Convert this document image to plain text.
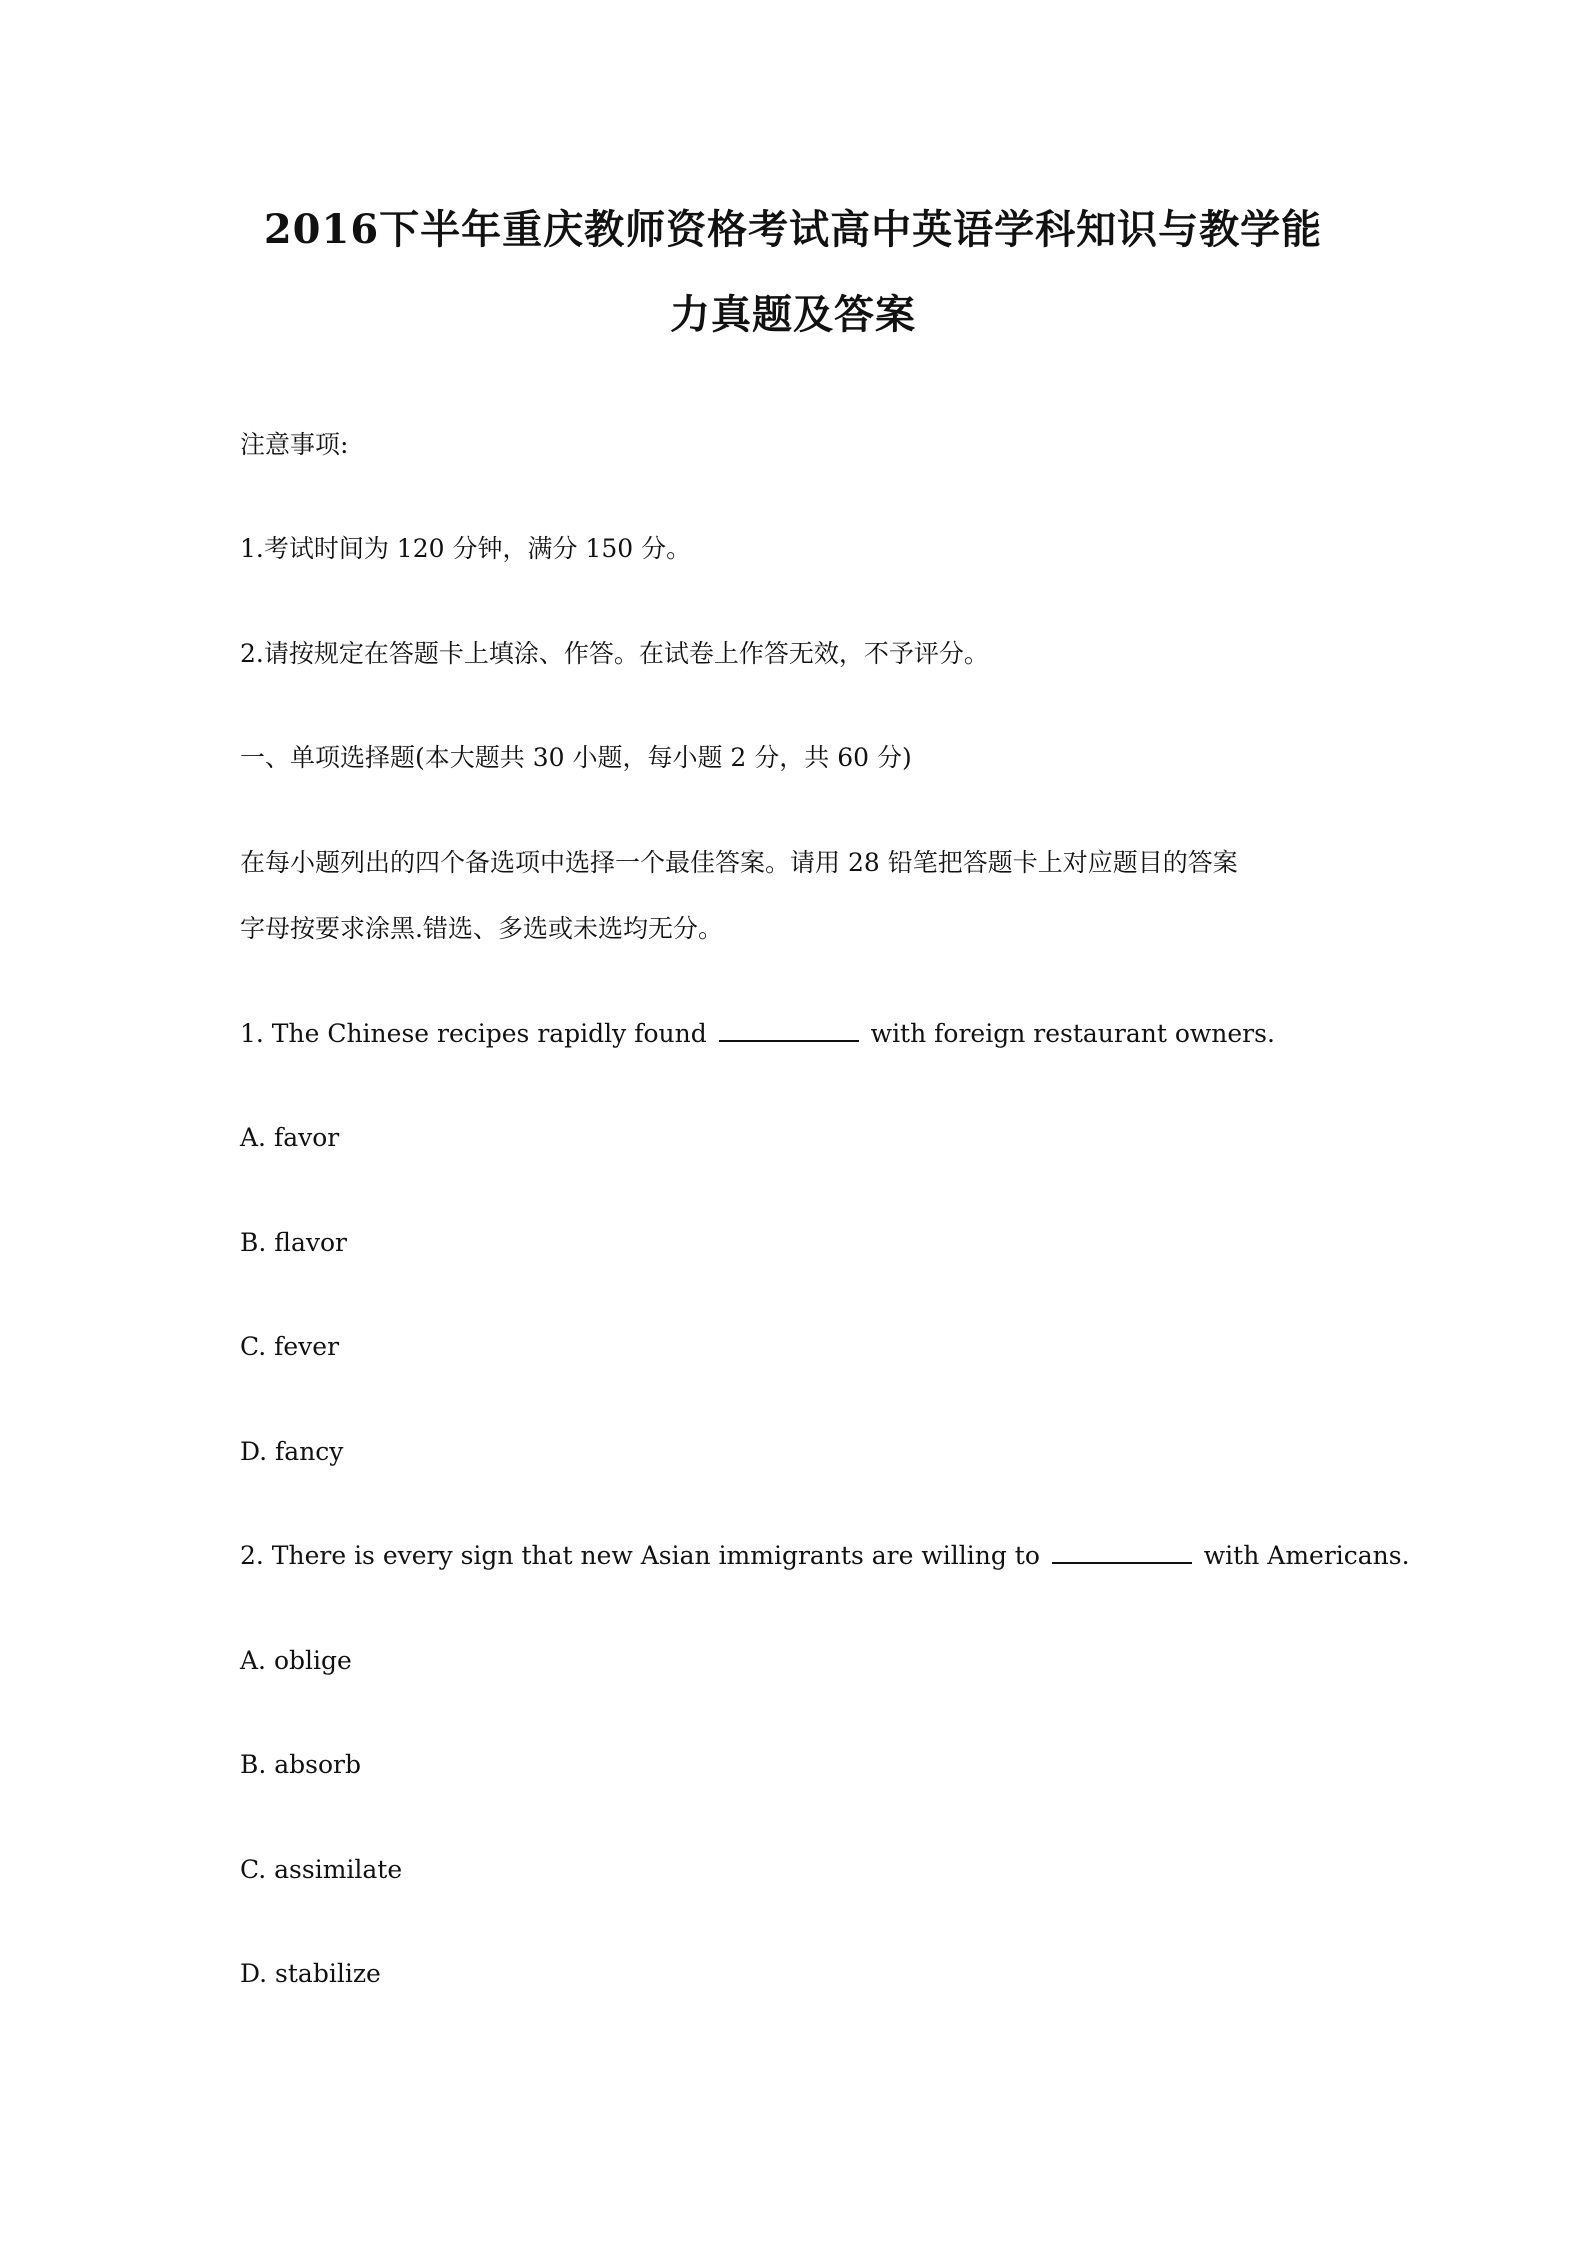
2016下半年重庆教师资格考试高中英语学科知识与教学能
力真题及答案
注意事项:
1.考试时间为 120 分钟，满分 150 分。
2.请按规定在答题卡上填涂、作答。在试卷上作答无效，不予评分。
一、单项选择题(本大题共 30 小题，每小题 2 分，共 60 分)
在每小题列出的四个备选项中选择一个最佳答案。请用 28 铅笔把答题卡上对应题目的答案
字母按要求涂黑.错选、多选或未选均无分。
1. The Chinese recipes rapidly found	with foreign restaurant owners.
A. favor
B. flavor
C. fever
D. fancy
2. There is every sign that new Asian immigrants are willing to	with Americans.
A. oblige
B. absorb
C. assimilate
D. stabilize
